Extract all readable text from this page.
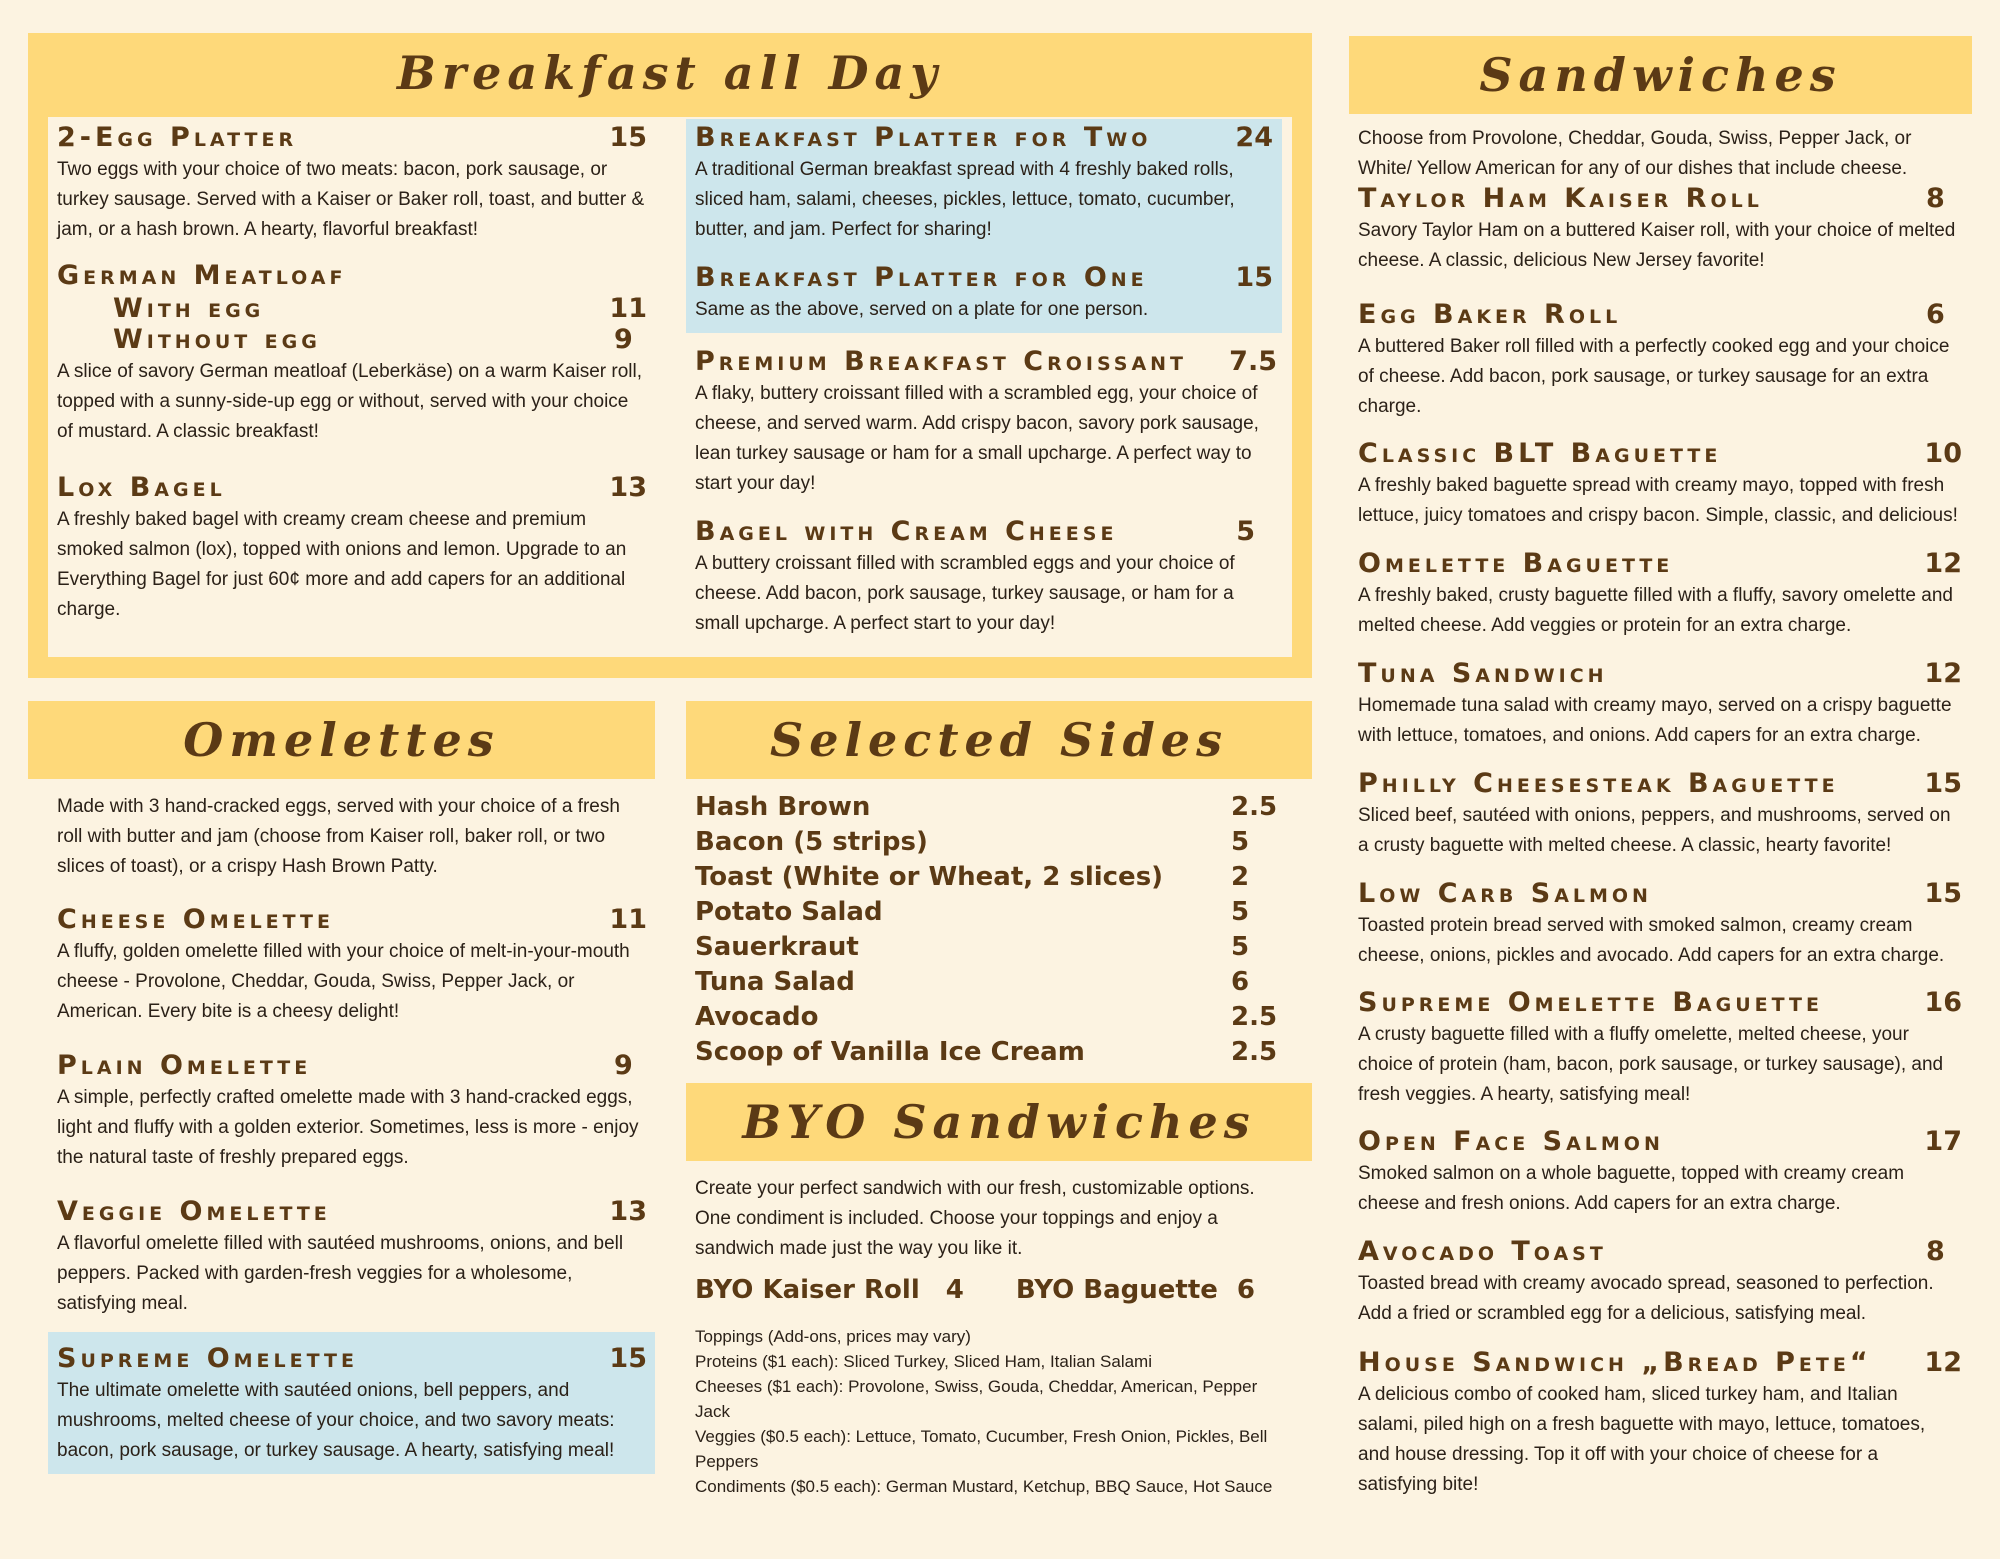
Breakfast all Day
2-Egg Platter	15
Two eggs with your choice of two meats: bacon, pork sausage, or turkey sausage. Served with a Kaiser or Baker roll, toast, and butter & jam, or a hash brown. A hearty, flavorful breakfast!
German Meatloaf
With egg	11
Without egg	9
A slice of savory German meatloaf (Leberkäse) on a warm Kaiser roll, topped with a sunny-side-up egg or without, served with your choice of mustard. A classic breakfast!
Lox Bagel	13
A freshly baked bagel with creamy cream cheese and premium smoked salmon (lox), topped with onions and lemon. Upgrade to an Everything Bagel for just 60¢ more and add capers for an additional charge.
Breakfast Platter for Two	24
A traditional German breakfast spread with 4 freshly baked rolls, sliced ham, salami, cheeses, pickles, lettuce, tomato, cucumber, butter, and jam. Perfect for sharing!
Breakfast Platter for One	15
Same as the above, served on a plate for one person.
Premium Breakfast Croissant 7.5
A flaky, buttery croissant filled with a scrambled egg, your choice of cheese, and served warm. Add crispy bacon, savory pork sausage, lean turkey sausage or ham for a small upcharge. A perfect way to start your day!
Bagel with Cream Cheese	5
A buttery croissant filled with scrambled eggs and your choice of cheese. Add bacon, pork sausage, turkey sausage, or ham for a small upcharge. A perfect start to your day!
Omelettes
Made with 3 hand-cracked eggs, served with your choice of a fresh roll with butter and jam (choose from Kaiser roll, baker roll, or two slices of toast), or a crispy Hash Brown Patty.
Cheese Omelette	11
A fluffy, golden omelette filled with your choice of melt-in-your-mouth cheese - Provolone, Cheddar, Gouda, Swiss, Pepper Jack, or American. Every bite is a cheesy delight!
Plain Omelette	9
A simple, perfectly crafted omelette made with 3 hand-cracked eggs, light and fluffy with a golden exterior. Sometimes, less is more - enjoy the natural taste of freshly prepared eggs.
Veggie Omelette	13
A flavorful omelette filled with sautéed mushrooms, onions, and bell peppers. Packed with garden-fresh veggies for a wholesome, satisfying meal.
Supreme Omelette	15
The ultimate omelette with sautéed onions, bell peppers, and mushrooms, melted cheese of your choice, and two savory meats: bacon, pork sausage, or turkey sausage. A hearty, satisfying meal!
Selected Sides
Hash Brown	2.5
Bacon (5 strips)	5
Toast (White or Wheat, 2 slices)	2
Potato Salad	5
Sauerkraut	5
Tuna Salad	6
Avocado	2.5
Scoop of Vanilla Ice Cream	2.5
BYO Sandwiches
Create your perfect sandwich with our fresh, customizable options. One condiment is included. Choose your toppings and enjoy a sandwich made just the way you like it.
BYO Kaiser Roll 4 BYO Baguette 6
Toppings (Add-ons, prices may vary)
Proteins ($1 each): Sliced Turkey, Sliced Ham, Italian Salami
Cheeses ($1 each): Provolone, Swiss, Gouda, Cheddar, American, Pepper Jack
Veggies ($0.5 each): Lettuce, Tomato, Cucumber, Fresh Onion, Pickles, Bell Peppers
Condiments ($0.5 each): German Mustard, Ketchup, BBQ Sauce, Hot Sauce
Sandwiches
Choose from Provolone, Cheddar, Gouda, Swiss, Pepper Jack, or White/ Yellow American for any of our dishes that include cheese.
Taylor Ham Kaiser Roll	8
Savory Taylor Ham on a buttered Kaiser roll, with your choice of melted cheese. A classic, delicious New Jersey favorite!
Egg Baker Roll	6
A buttered Baker roll filled with a perfectly cooked egg and your choice of cheese. Add bacon, pork sausage, or turkey sausage for an extra charge.
Classic BLT Baguette	10
A freshly baked baguette spread with creamy mayo, topped with fresh lettuce, juicy tomatoes and crispy bacon. Simple, classic, and delicious!
Omelette Baguette	12
A freshly baked, crusty baguette filled with a fluffy, savory omelette and melted cheese. Add veggies or protein for an extra charge.
Tuna Sandwich	12
Homemade tuna salad with creamy mayo, served on a crispy baguette with lettuce, tomatoes, and onions. Add capers for an extra charge.
Philly Cheesesteak Baguette	15
Sliced beef, sautéed with onions, peppers, and mushrooms, served on a crusty baguette with melted cheese. A classic, hearty favorite!
Low Carb Salmon	15
Toasted protein bread served with smoked salmon, creamy cream cheese, onions, pickles and avocado. Add capers for an extra charge.
Supreme Omelette Baguette	16
A crusty baguette filled with a fluffy omelette, melted cheese, your choice of protein (ham, bacon, pork sausage, or turkey sausage), and fresh veggies. A hearty, satisfying meal!
Open Face Salmon	17
Smoked salmon on a whole baguette, topped with creamy cream cheese and fresh onions. Add capers for an extra charge.
Avocado Toast	8
Toasted bread with creamy avocado spread, seasoned to perfection. Add a fried or scrambled egg for a delicious, satisfying meal.
House Sandwich „Bread Pete“ 12
A delicious combo of cooked ham, sliced turkey ham, and Italian salami, piled high on a fresh baguette with mayo, lettuce, tomatoes, and house dressing. Top it off with your choice of cheese for a satisfying bite!
